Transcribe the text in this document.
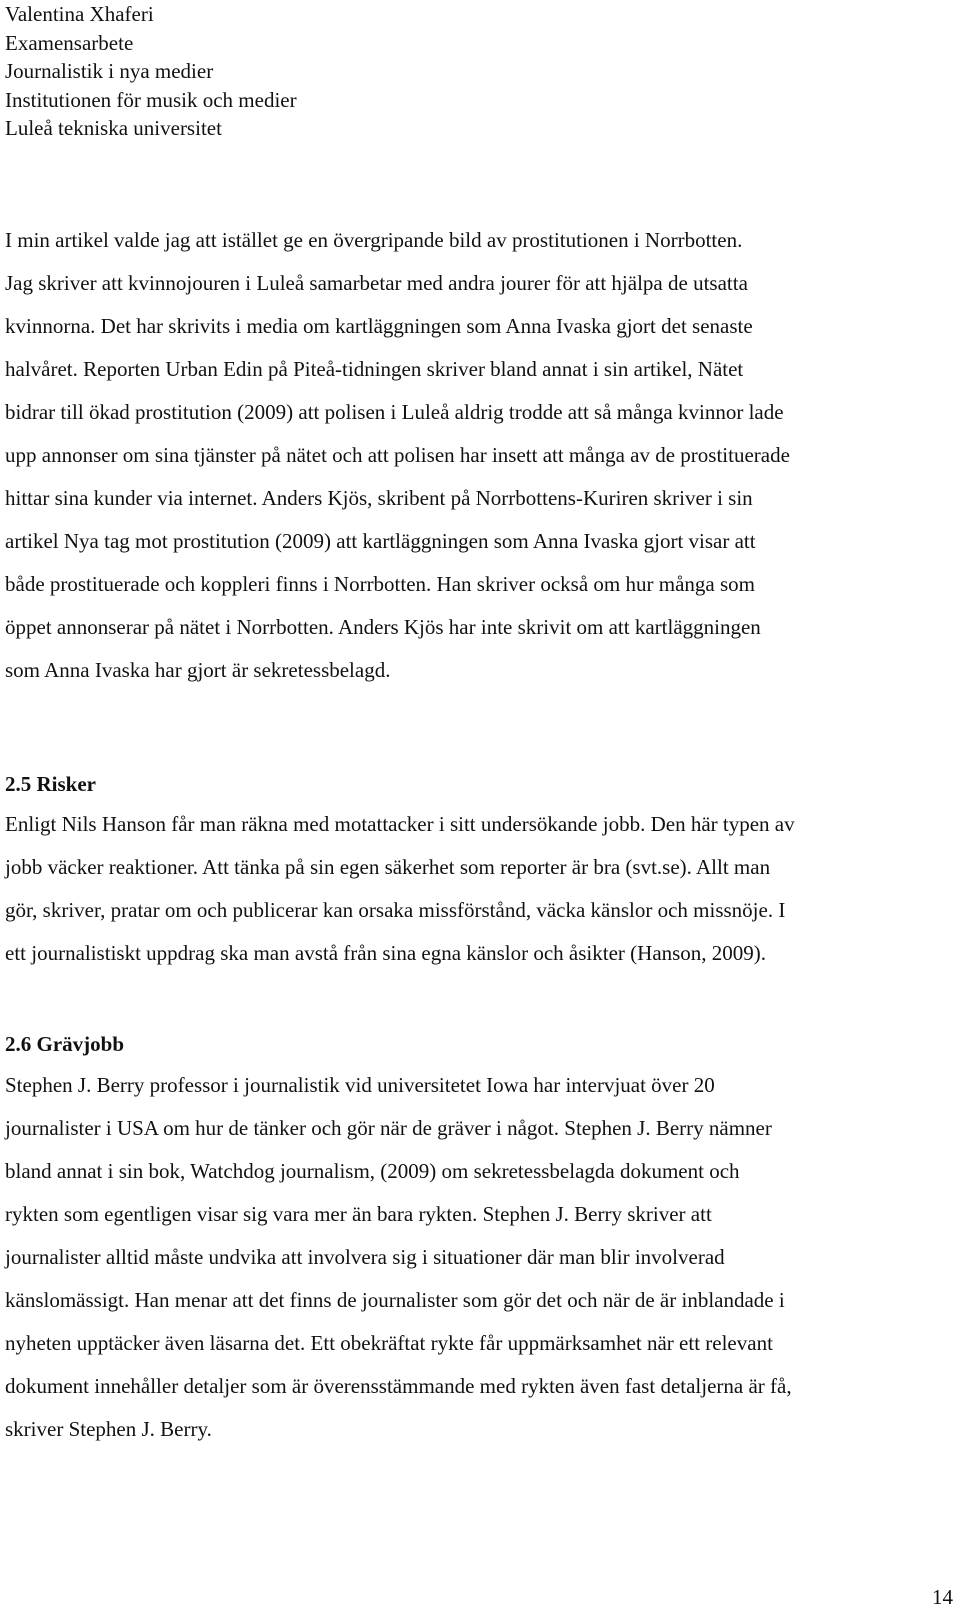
Valentina Xhaferi
Examensarbete
Journalistik i nya medier
Institutionen för musik och medier
Luleå tekniska universitet
I min artikel valde jag att istället ge en övergripande bild av prostitutionen i Norrbotten.
Jag skriver att kvinnojouren i Luleå samarbetar med andra jourer för att hjälpa de utsatta
kvinnorna. Det har skrivits i media om kartläggningen som Anna Ivaska gjort det senaste
halvåret. Reporten Urban Edin på Piteå-tidningen skriver bland annat i sin artikel, Nätet
bidrar till ökad prostitution (2009) att polisen i Luleå aldrig trodde att så många kvinnor lade
upp annonser om sina tjänster på nätet och att polisen har insett att många av de prostituerade
hittar sina kunder via internet. Anders Kjös, skribent på Norrbottens-Kuriren skriver i sin
artikel Nya tag mot prostitution (2009) att kartläggningen som Anna Ivaska gjort visar att
både prostituerade och koppleri finns i Norrbotten. Han skriver också om hur många som
öppet annonserar på nätet i Norrbotten. Anders Kjös har inte skrivit om att kartläggningen
som Anna Ivaska har gjort är sekretessbelagd.
2.5 Risker
Enligt Nils Hanson får man räkna med motattacker i sitt undersökande jobb. Den här typen av
jobb väcker reaktioner. Att tänka på sin egen säkerhet som reporter är bra (svt.se). Allt man
gör, skriver, pratar om och publicerar kan orsaka missförstånd, väcka känslor och missnöje. I
ett journalistiskt uppdrag ska man avstå från sina egna känslor och åsikter (Hanson, 2009).
2.6 Grävjobb
Stephen J. Berry professor i journalistik vid universitetet Iowa har intervjuat över 20
journalister i USA om hur de tänker och gör när de gräver i något. Stephen J. Berry nämner
bland annat i sin bok, Watchdog journalism, (2009) om sekretessbelagda dokument och
rykten som egentligen visar sig vara mer än bara rykten. Stephen J. Berry skriver att
journalister alltid måste undvika att involvera sig i situationer där man blir involverad
känslomässigt. Han menar att det finns de journalister som gör det och när de är inblandade i
nyheten upptäcker även läsarna det. Ett obekräftat rykte får uppmärksamhet när ett relevant
dokument innehåller detaljer som är överensstämmande med rykten även fast detaljerna är få,
skriver Stephen J. Berry.
14
